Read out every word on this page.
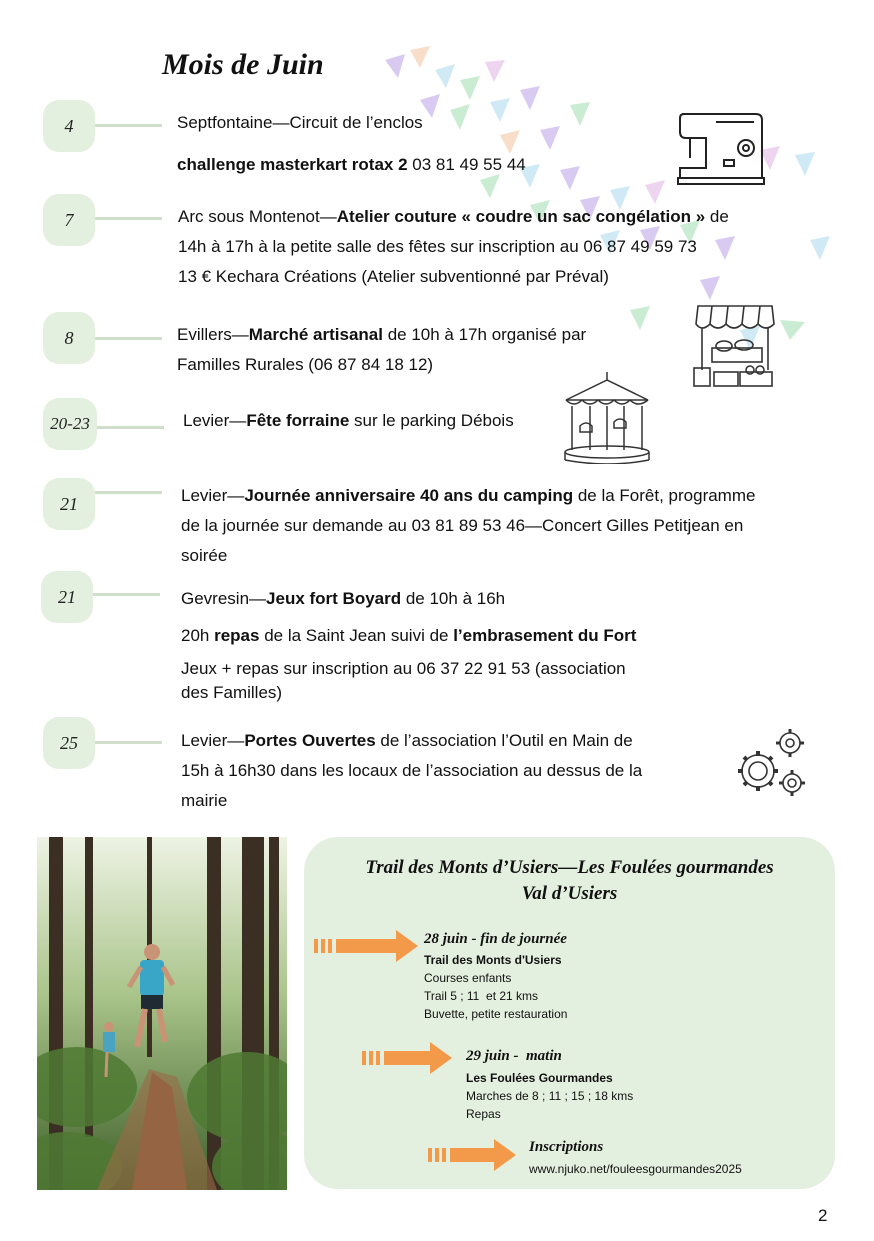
Mois de Juin
4	Septfontaine—Circuit de l’enclos
challenge masterkart rotax 2 03 81 49 55 44
7	Arc sous Montenot—Atelier couture « coudre un sac congélation » de
14h à 17h à la petite salle des fêtes sur inscription au 06 87 49 59 73
13 € Kechara Créations (Atelier subventionné par Préval)
8	Evillers—Marché artisanal de 10h à 17h organisé par
Familles Rurales (06 87 84 18 12)
20-23	Levier—Fête forraine sur le parking Débois
21	Levier—Journée anniversaire 40 ans du camping de la Forêt, programme
de la journée sur demande au 03 81 89 53 46—Concert Gilles Petitjean en
soirée
21	Gevresin—Jeux fort Boyard de 10h à 16h
20h repas de la Saint Jean suivi de l’embrasement du Fort
Jeux + repas sur inscription au 06 37 22 91 53 (association
des Familles)
25	Levier—Portes Ouvertes de l’association l’Outil en Main de
15h à 16h30 dans les locaux de l’association au dessus de la
mairie
Trail des Monts d’Usiers—Les Foulées gourmandes
Val d’Usiers
28 juin - fin de journée
Trail des Monts d'Usiers
Courses enfants
Trail 5 ; 11  et 21 kms
Buvette, petite restauration
29 juin -  matin
Les Foulées Gourmandes
Marches de 8 ; 11 ; 15 ; 18 kms
Repas
Inscriptions
www.njuko.net/fouleesgourmandes2025
2
